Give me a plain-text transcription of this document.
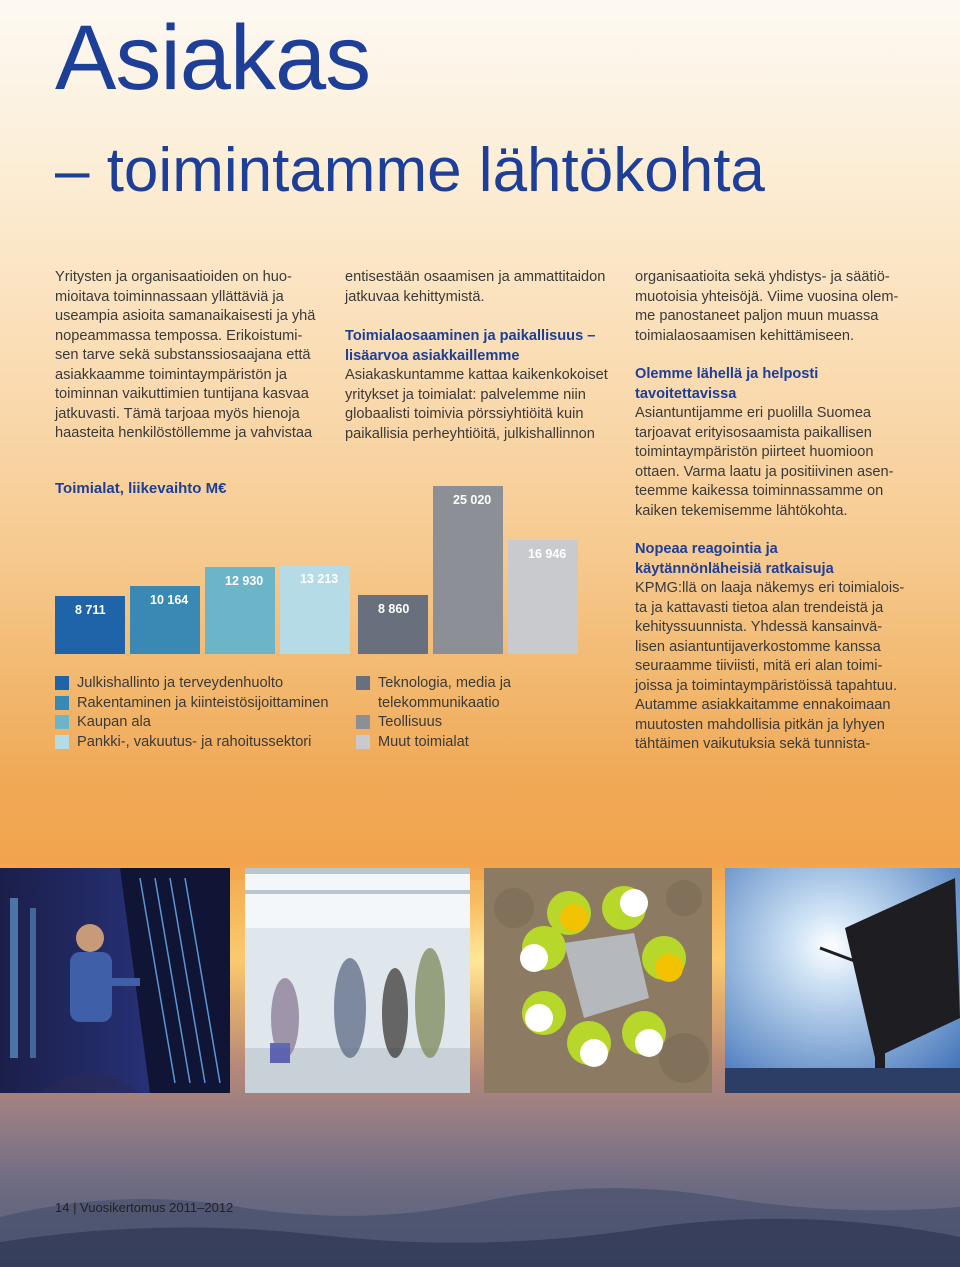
Asiakas
– toimintamme lähtökohta

Yritysten ja organisaatioiden on huo-

mioitava toiminnassaan yllättäviä ja

useampia asioita samanaikaisesti ja yhä

nopeammassa tempossa. Erikoistumi-

sen tarve sekä substanssiosaajana että

asiakkaamme toimintaympäristön ja

toiminnan vaikuttimien tuntijana kasvaa

jatkuvasti. Tämä tarjoaa myös hienoja

haasteita henkilöstöllemme ja vahvistaa

entisestään osaamisen ja ammattitaidon

jatkuvaa kehittymistä.

Toimialaosaaminen ja paikallisuus –

lisäarvoa asiakkaillemme

Asiakaskuntamme kattaa kaikenkokoiset

yritykset ja toimialat: palvelemme niin

globaalisti toimivia pörssiyhtiöitä kuin

paikallisia perheyhtiöitä, julkishallinnon

organisaatioita sekä yhdistys- ja säätiö-

muotoisia yhteisöjä. Viime vuosina olem-

me panostaneet paljon muun muassa

toimialaosaamisen kehittämiseen.

Olemme lähellä ja helposti

tavoitettavissa

Asiantuntijamme eri puolilla Suomea

tarjoavat erityisosaamista paikallisen

toimintaympäristön piirteet huomioon

ottaen. Varma laatu ja positiivinen asen-

teemme kaikessa toiminnassamme on

kaiken tekemisemme lähtökohta.

Nopeaa reagointia ja

käytännönläheisiä ratkaisuja

KPMG:llä on laaja näkemys eri toimialois-

ta ja kattavasti tietoa alan trendeistä ja

kehityssuunnista. Yhdessä kansainvä-

lisen asiantuntijaverkostomme kanssa

seuraamme tiiviisti, mitä eri alan toimi-

joissa ja toimintaympäristöissä tapahtuu.

Autamme asiakkaitamme ennakoimaan

muutosten mahdollisia pitkän ja lyhyen

tähtäimen vaikutuksia sekä tunnista-

Toimialat, liikevaihto M€
8 711
10 164
12 930	13 213
8 860
25 020
16 946
Julkishallinto ja terveydenhuolto
Rakentaminen ja kiinteistösijoittaminen
Kaupan ala
Pankki-, vakuutus- ja rahoitussektori
Teknologia, media ja
telekommunikaatio
Teollisuus
Muut toimialat
14 | Vuosikertomus 2011–2012
